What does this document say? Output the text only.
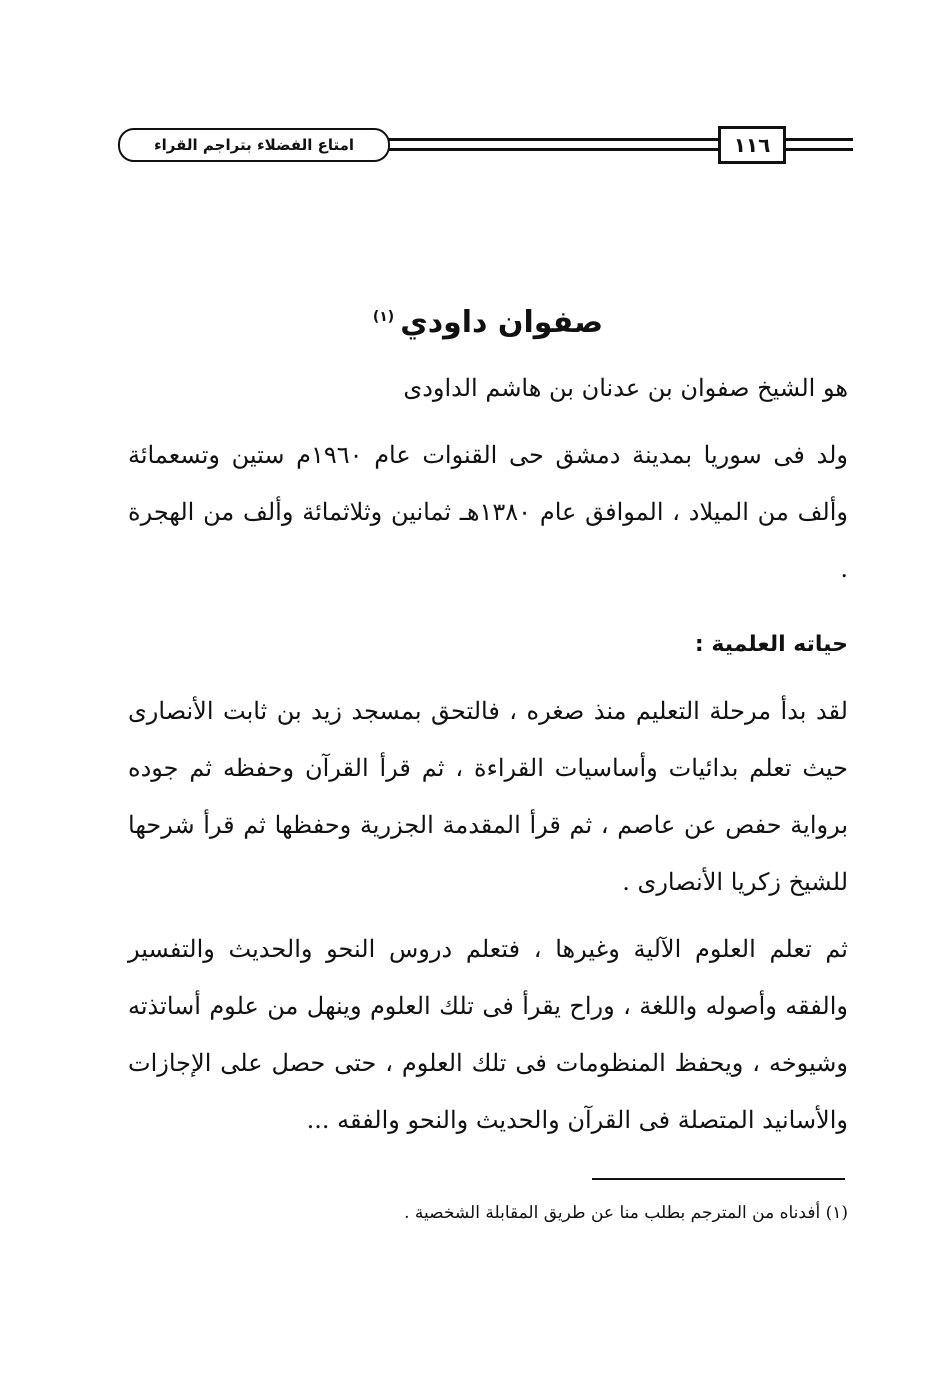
امتاع الفضلاء بتراجم القراء	١١٦
صفوان داودي$^{(١)}$

هو الشيخ صفوان بن عدنان بن هاشم الداودى

ولد فى سوريا بمدينة دمشق حى القنوات عام ١٩٦٠م ستين وتسعمائة وألف من الميلاد ، الموافق عام ١٣٨٠هـ ثمانين وثلاثمائة وألف من الهجرة .

حياته العلمية :

لقد بدأ مرحلة التعليم منذ صغره ، فالتحق بمسجد زيد بن ثابت الأنصارى حيث تعلم بدائيات وأساسيات القراءة ، ثم قرأ القرآن وحفظه ثم جوده برواية حفص عن عاصم ، ثم قرأ المقدمة الجزرية وحفظها ثم قرأ شرحها للشيخ زكريا الأنصارى .

ثم تعلم العلوم الآلية وغيرها ، فتعلم دروس النحو والحديث والتفسير والفقه وأصوله واللغة ، وراح يقرأ فى تلك العلوم وينهل من علوم أساتذته وشيوخه ، ويحفظ المنظومات فى تلك العلوم ، حتى حصل على الإجازات والأسانيد المتصلة فى القرآن والحديث والنحو والفقه ...

(١) أفدناه من المترجم بطلب منا عن طريق المقابلة الشخصية .
